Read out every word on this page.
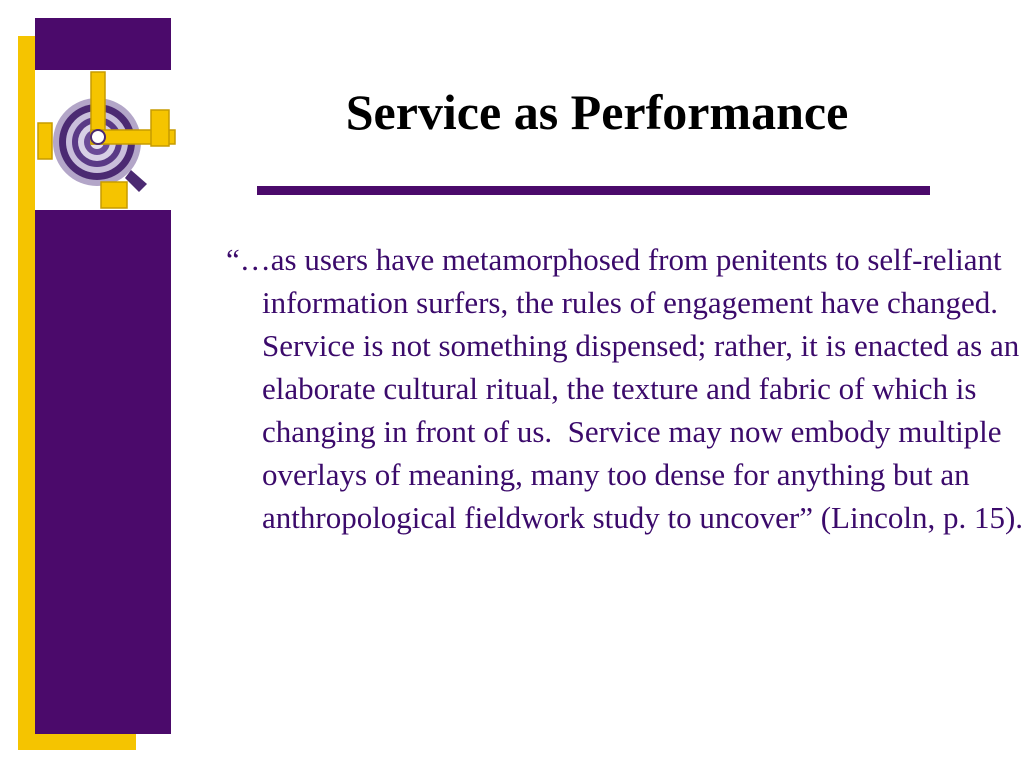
Service as Performance

“…as users have metamorphosed from penitents to self-reliant information surfers, the rules of engagement have changed. Service is not something dispensed; rather, it is enacted as an elaborate cultural ritual, the texture and fabric of which is changing in front of us.  Service may now embody multiple overlays of meaning, many too dense for anything but an anthropological fieldwork study to uncover” (Lincoln, p. 15).
